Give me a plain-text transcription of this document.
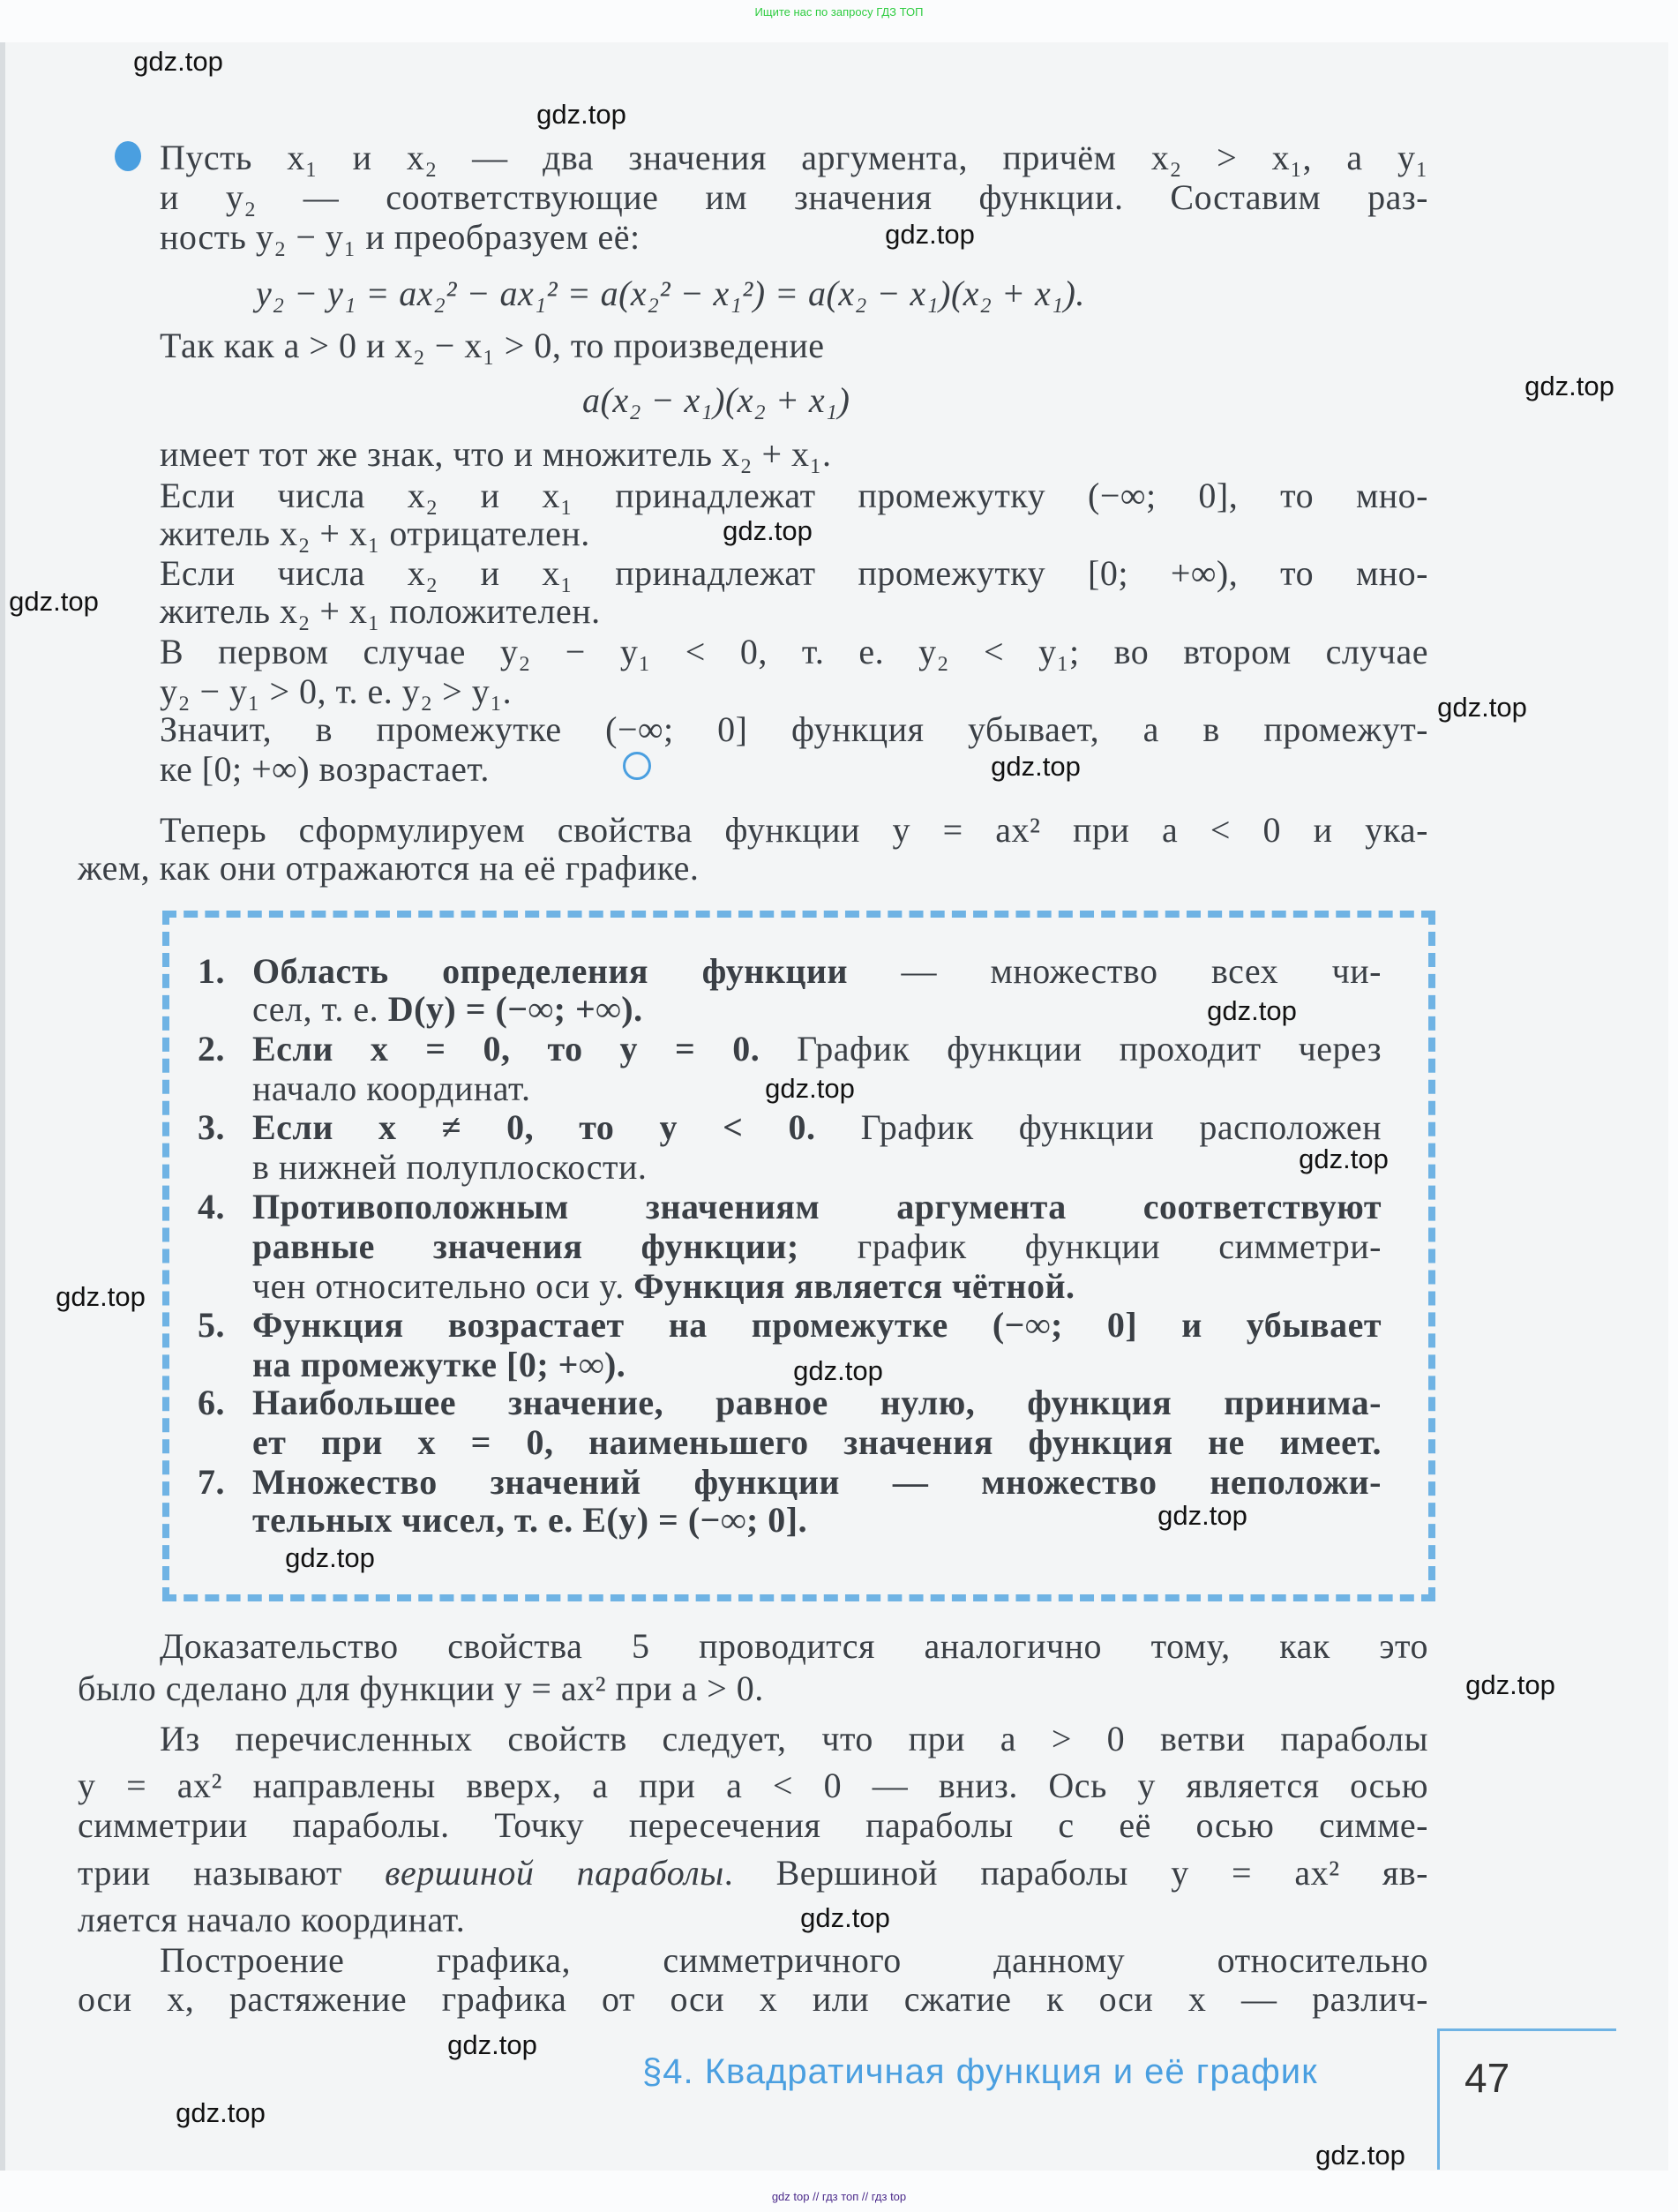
Ищите нас по запросу ГДЗ ТОП
Пусть x₁ и x₂ — два значения аргумента, причём x₂ > x₁, а y₁
и y₂ — соответствующие им значения функции. Составим раз-
ность y₂ − y₁ и преобразуем её:
y₂ − y₁ = ax₂² − ax₁² = a(x₂² − x₁²) = a(x₂ − x₁)(x₂ + x₁).
Так как a > 0 и x₂ − x₁ > 0, то произведение
a(x₂ − x₁)(x₂ + x₁)
имеет тот же знак, что и множитель x₂ + x₁.
Если числа x₂ и x₁ принадлежат промежутку (−∞; 0], то мно-
житель x₂ + x₁ отрицателен.
Если числа x₂ и x₁ принадлежат промежутку [0; +∞), то мно-
житель x₂ + x₁ положителен.
В первом случае y₂ − y₁ < 0, т. е. y₂ < y₁; во втором случае
y₂ − y₁ > 0, т. е. y₂ > y₁.
Значит, в промежутке (−∞; 0] функция убывает, а в промежут-
ке [0; +∞) возрастает.
Теперь сформулируем свойства функции y = ax² при a < 0 и ука-
жем, как они отражаются на её графике.
1. Область определения функции — множество всех чи-
сел, т. е. D(y) = (−∞; +∞).
2. Если x = 0, то y = 0. График функции проходит через
начало координат.
3. Если x ≠ 0, то y < 0. График функции расположен
в нижней полуплоскости.
4. Противоположным значениям аргумента соответствуют
равные значения функции; график функции симметри-
чен относительно оси y. Функция является чётной.
5. Функция возрастает на промежутке (−∞; 0] и убывает
на промежутке [0; +∞).
6. Наибольшее значение, равное нулю, функция принима-
ет при x = 0, наименьшего значения функция не имеет.
7. Множество значений функции — множество неположи-
тельных чисел, т. е. E(y) = (−∞; 0].
Доказательство свойства 5 проводится аналогично тому, как это
было сделано для функции y = ax² при a > 0.
Из перечисленных свойств следует, что при a > 0 ветви параболы
y = ax² направлены вверх, а при a < 0 — вниз. Ось y является осью
симметрии параболы. Точку пересечения параболы с её осью симме-
трии называют вершиной параболы. Вершиной параболы y = ax² яв-
ляется начало координат.
Построение графика, симметричного данному относительно
оси x, растяжение графика от оси x или сжатие к оси x — различ-
§4. Квадратичная функция и её график	47
gdz.top
gdz.top
gdz.top
gdz.top
gdz.top
gdz.top
gdz.top
gdz.top
gdz.top
gdz.top
gdz.top
gdz.top
gdz.top
gdz.top
gdz.top
gdz.top
gdz.top
gdz.top
gdz.top
gdz.top
gdz top // гдз топ // гдз top
